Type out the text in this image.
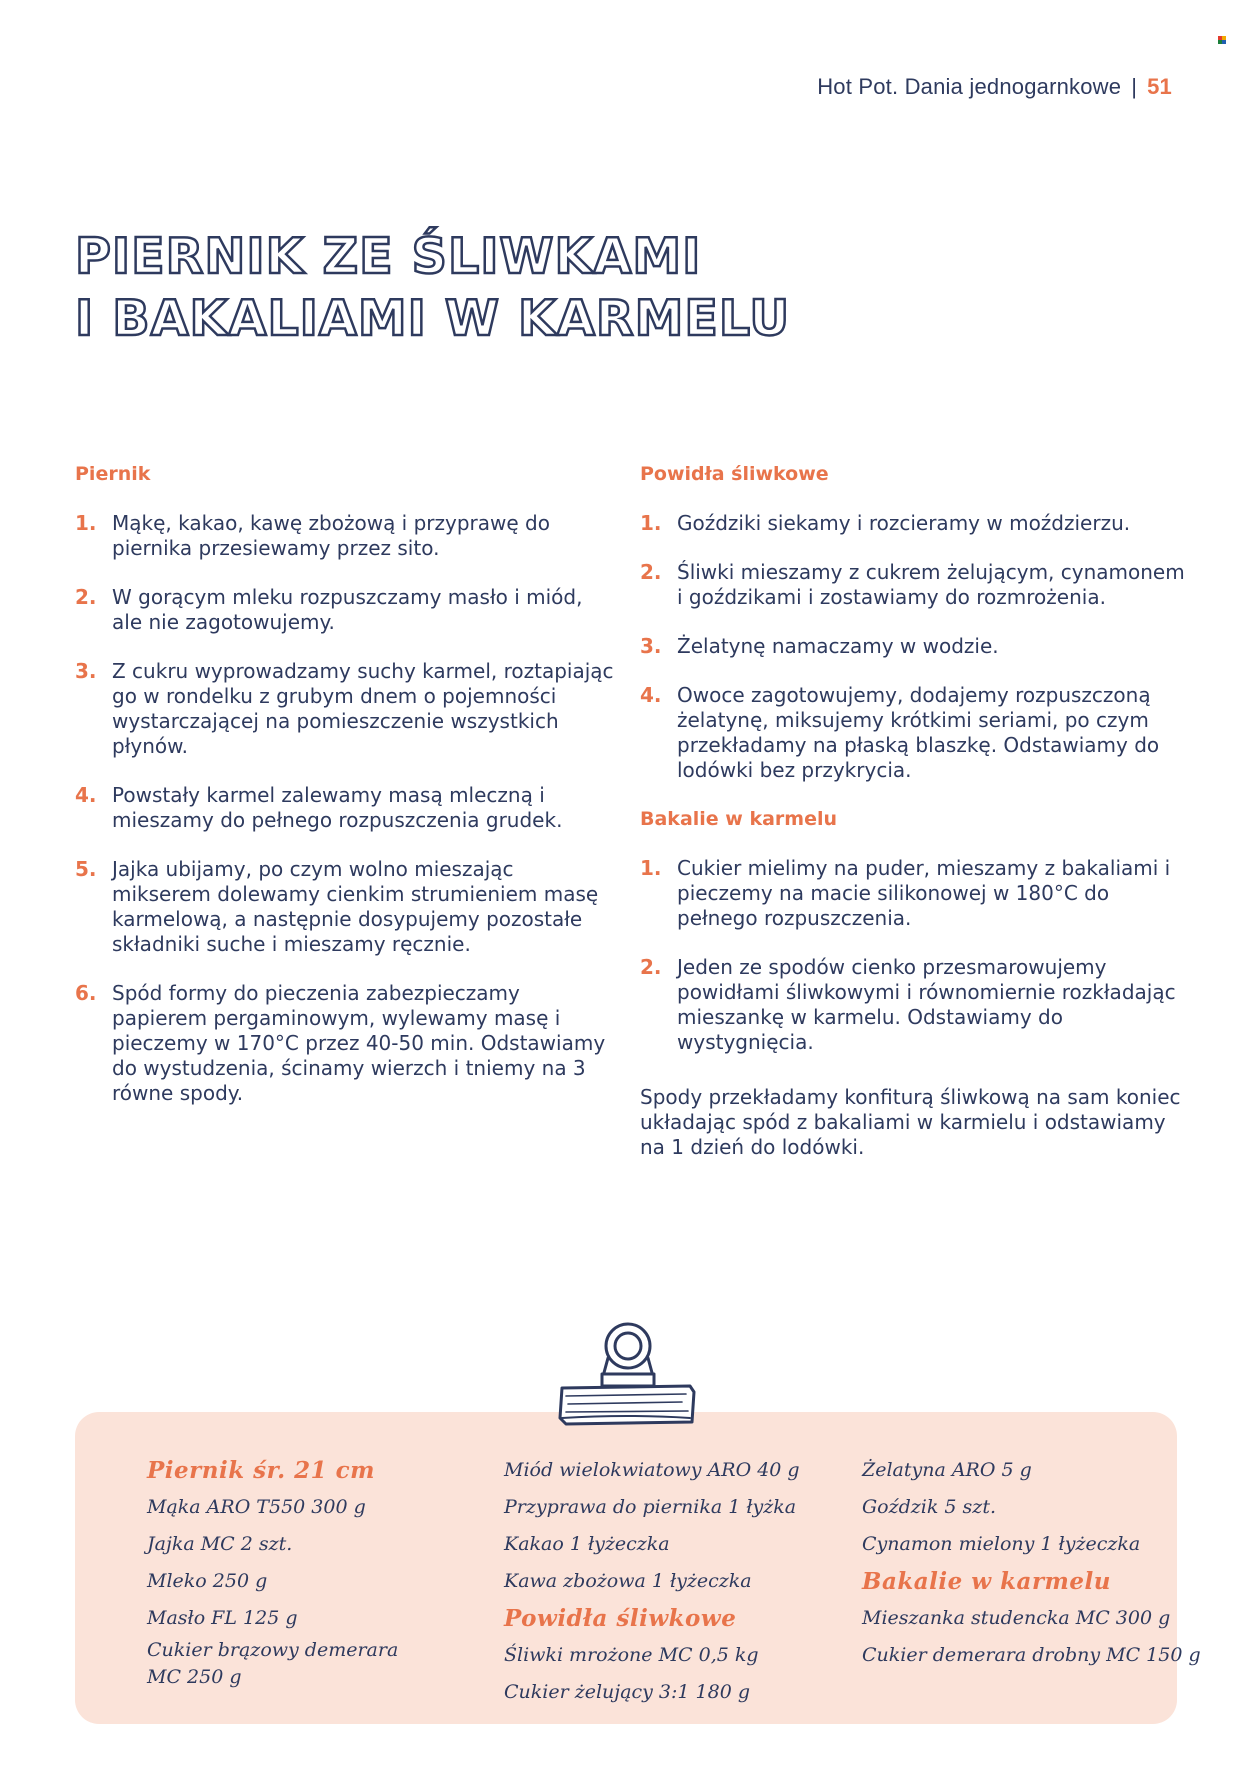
Hot Pot. Dania jednogarnkowe | 51
PIERNIK ZE ŚLIWKAMI
I BAKALIAMI W KARMELU
Piernik
1. Mąkę, kakao, kawę zbożową i przyprawę do piernika przesiewamy przez sito.
2. W gorącym mleku rozpuszczamy masło i miód, ale nie zagotowujemy.
3. Z cukru wyprowadzamy suchy karmel, roztapiając go w rondelku z grubym dnem o pojemności wystarczającej na pomieszczenie wszystkich płynów.
4. Powstały karmel zalewamy masą mleczną i mieszamy do pełnego rozpuszczenia grudek.
5. Jajka ubijamy, po czym wolno mieszając mikserem dolewamy cienkim strumieniem masę karmelową, a następnie dosypujemy pozostałe składniki suche i mieszamy ręcznie.
6. Spód formy do pieczenia zabezpieczamy papierem pergaminowym, wylewamy masę i pieczemy w 170°C przez 40-50 min. Odstawiamy do wystudzenia, ścinamy wierzch i tniemy na 3 równe spody.
Powidła śliwkowe
1. Goździki siekamy i rozcieramy w moździerzu.
2. Śliwki mieszamy z cukrem żelującym, cynamonem i goździkami i zostawiamy do rozmrożenia.
3. Żelatynę namaczamy w wodzie.
4. Owoce zagotowujemy, dodajemy rozpuszczoną żelatynę, miksujemy krótkimi seriami, po czym przekładamy na płaską blaszkę. Odstawiamy do lodówki bez przykrycia.
Bakalie w karmelu
1. Cukier mielimy na puder, mieszamy z bakaliami i pieczemy na macie silikonowej w 180°C do pełnego rozpuszczenia.
2. Jeden ze spodów cienko przesmarowujemy powidłami śliwkowymi i równomiernie rozkładając mieszankę w karmelu. Odstawiamy do wystygnięcia.

Spody przekładamy konfiturą śliwkową na sam koniec układając spód z bakaliami w karmielu i odstawiamy na 1 dzień do lodówki.

Piernik śr. 21 cm
Mąka ARO T550 300 g
Jajka MC 2 szt.
Mleko 250 g
Masło FL 125 g
Cukier brązowy demerara MC 250 g
Miód wielokwiatowy ARO 40 g
Przyprawa do piernika 1 łyżka
Kakao 1 łyżeczka
Kawa zbożowa 1 łyżeczka
Powidła śliwkowe
Śliwki mrożone MC 0,5 kg
Cukier żelujący 3:1 180 g
Żelatyna ARO 5 g
Goździk 5 szt.
Cynamon mielony 1 łyżeczka
Bakalie w karmelu
Mieszanka studencka MC 300 g
Cukier demerara drobny MC 150 g
